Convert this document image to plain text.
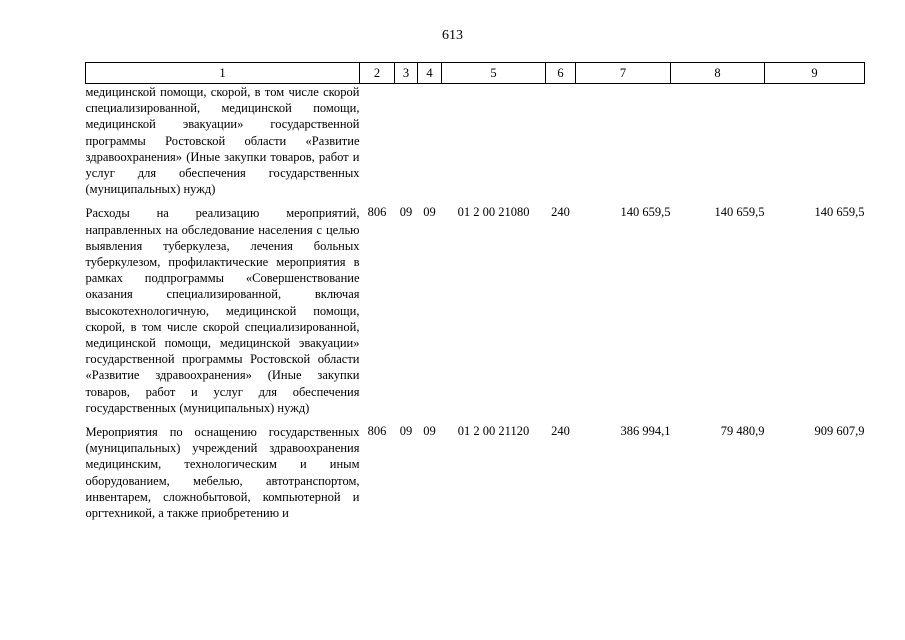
613
1	2	3	4	5	6	7	8	9
медицинской помощи, скорой, в том числе скорой специализированной, медицинской помощи, медицинской эвакуации» государственной программы Ростовской области «Развитие здравоохранения» (Иные закупки товаров, работ и услуг для обеспечения государственных (муниципальных) нужд)								
Расходы на реализацию мероприятий, направленных на обследование населения с целью выявления туберкулеза, лечения больных туберкулезом, профилактические мероприятия в рамках подпрограммы «Совершенствование оказания специализированной, включая высокотехнологичную, медицинской помощи, скорой, в том числе скорой специализированной, медицинской помощи, медицинской эвакуации» государственной программы Ростовской области «Развитие здравоохранения» (Иные закупки товаров, работ и услуг для обеспечения государственных (муниципальных) нужд)	806	09	09	01 2 00 21080	240	140 659,5	140 659,5	140 659,5
Мероприятия по оснащению государственных (муниципальных) учреждений здравоохранения медицинским, технологическим и иным оборудованием, мебелью, автотранспортом, инвентарем, сложнобытовой, компьютерной и оргтехникой, а также приобретению и	806	09	09	01 2 00 21120	240	386 994,1	79 480,9	909 607,9
